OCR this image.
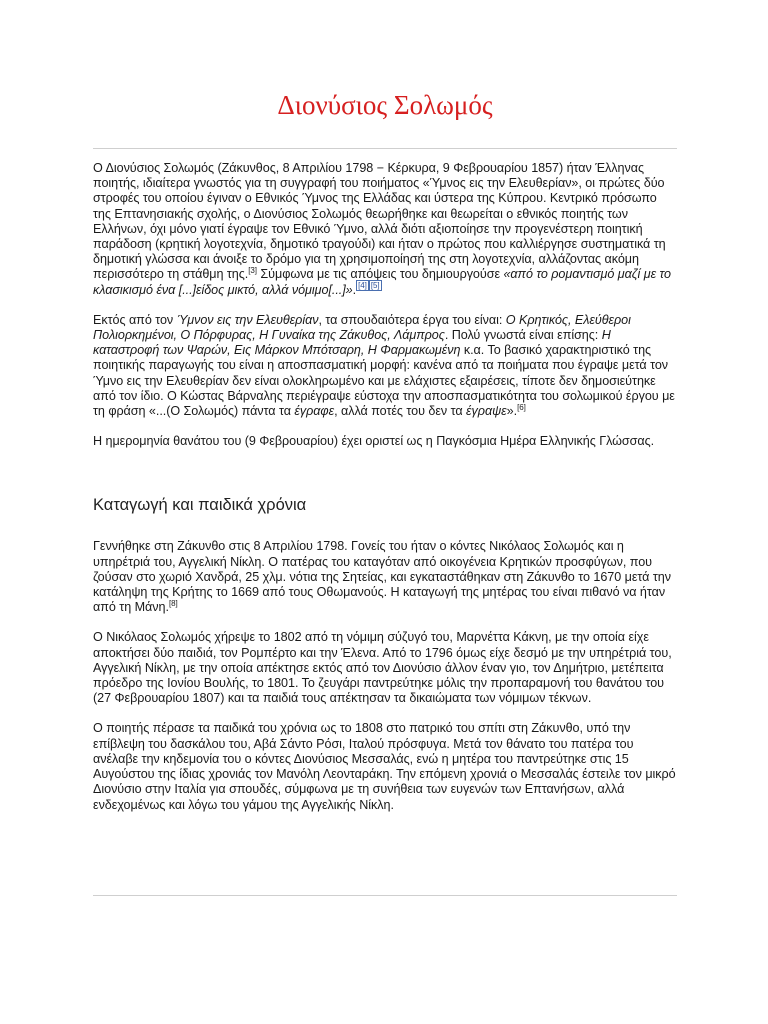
Διονύσιος Σολωμός

Ο Διονύσιος Σολωμός (Ζάκυνθος, 8 Απριλίου 1798 − Κέρκυρα, 9 Φεβρουαρίου 1857) ήταν Έλληνας ποιητής, ιδιαίτερα γνωστός για τη συγγραφή του ποιήματος «Ύμνος εις την Ελευθερίαν», οι πρώτες δύο στροφές του οποίου έγιναν ο Εθνικός Ύμνος της Ελλάδας και ύστερα της Κύπρου. Κεντρικό πρόσωπο της Επτανησιακής σχολής, ο Διονύσιος Σολωμός θεωρήθηκε και θεωρείται ο εθνικός ποιητής των Ελλήνων, όχι μόνο γιατί έγραψε τον Εθνικό Ύμνο, αλλά διότι αξιοποίησε την προγενέστερη ποιητική παράδοση (κρητική λογοτεχνία, δημοτικό τραγούδι) και ήταν ο πρώτος που καλλιέργησε συστηματικά τη δημοτική γλώσσα και άνοιξε το δρόμο για τη χρησιμοποίησή της στη λογοτεχνία, αλλάζοντας ακόμη περισσότερο τη στάθμη της.[3] Σύμφωνα με τις απόψεις του δημιουργούσε «από το ρομαντισμό μαζί με το κλασικισμό ένα [...]είδος μικτό, αλλά νόμιμο[...]». [4] [5]

Εκτός από τον Ύμνον εις την Ελευθερίαν, τα σπουδαιότερα έργα του είναι: Ο Κρητικός, Ελεύθεροι Πολιορκημένοι, Ο Πόρφυρας, Η Γυναίκα της Ζάκυθος, Λάμπρος. Πολύ γνωστά είναι επίσης: Η καταστροφή των Ψαρών, Εις Μάρκον Μπότσαρη, Η Φαρμακωμένη κ.α. Το βασικό χαρακτηριστικό της ποιητικής παραγωγής του είναι η αποσπασματική μορφή: κανένα από τα ποιήματα που έγραψε μετά τον Ύμνο εις την Ελευθερίαν δεν είναι ολοκληρωμένο και με ελάχιστες εξαιρέσεις, τίποτε δεν δημοσιεύτηκε από τον ίδιο. Ο Κώστας Βάρναλης περιέγραψε εύστοχα την αποσπασματικότητα του σολωμικού έργου με τη φράση «...(Ο Σολωμός) πάντα τα έγραφε, αλλά ποτές του δεν τα έγραψε».[6]

Η ημερομηνία θανάτου του (9 Φεβρουαρίου) έχει οριστεί ως η Παγκόσμια Ημέρα Ελληνικής Γλώσσας.

Καταγωγή και παιδικά χρόνια

Γεννήθηκε στη Ζάκυνθο στις 8 Απριλίου 1798. Γονείς του ήταν ο κόντες Νικόλαος Σολωμός και η υπηρέτριά του, Αγγελική Νίκλη. Ο πατέρας του καταγόταν από οικογένεια Κρητικών προσφύγων, που ζούσαν στο χωριό Χανδρά, 25 χλμ. νότια της Σητείας, και εγκαταστάθηκαν στη Ζάκυνθο το 1670 μετά την κατάληψη της Κρήτης το 1669 από τους Οθωμανούς. Η καταγωγή της μητέρας του είναι πιθανό να ήταν από τη Μάνη.[8]

Ο Νικόλαος Σολωμός χήρεψε το 1802 από τη νόμιμη σύζυγό του, Μαρνέττα Κάκνη, με την οποία είχε αποκτήσει δύο παιδιά, τον Ρομπέρτο και την Έλενα. Από το 1796 όμως είχε δεσμό με την υπηρέτριά του, Αγγελική Νίκλη, με την οποία απέκτησε εκτός από τον Διονύσιο άλλον έναν γιο, τον Δημήτριο, μετέπειτα πρόεδρο της Ιονίου Βουλής, το 1801. Το ζευγάρι παντρεύτηκε μόλις την προπαραμονή του θανάτου του (27 Φεβρουαρίου 1807) και τα παιδιά τους απέκτησαν τα δικαιώματα των νόμιμων τέκνων.

Ο ποιητής πέρασε τα παιδικά του χρόνια ως το 1808 στο πατρικό του σπίτι στη Ζάκυνθο, υπό την επίβλεψη του δασκάλου του, Αβά Σάντο Ρόσι, Ιταλού πρόσφυγα. Μετά τον θάνατο του πατέρα του ανέλαβε την κηδεμονία του ο κόντες Διονύσιος Μεσσαλάς, ενώ η μητέρα του παντρεύτηκε στις 15 Αυγούστου της ίδιας χρονιάς τον Μανόλη Λεονταράκη. Την επόμενη χρονιά ο Μεσσαλάς έστειλε τον μικρό Διονύσιο στην Ιταλία για σπουδές, σύμφωνα με τη συνήθεια των ευγενών των Επτανήσων, αλλά ενδεχομένως και λόγω του γάμου της Αγγελικής Νίκλη.
